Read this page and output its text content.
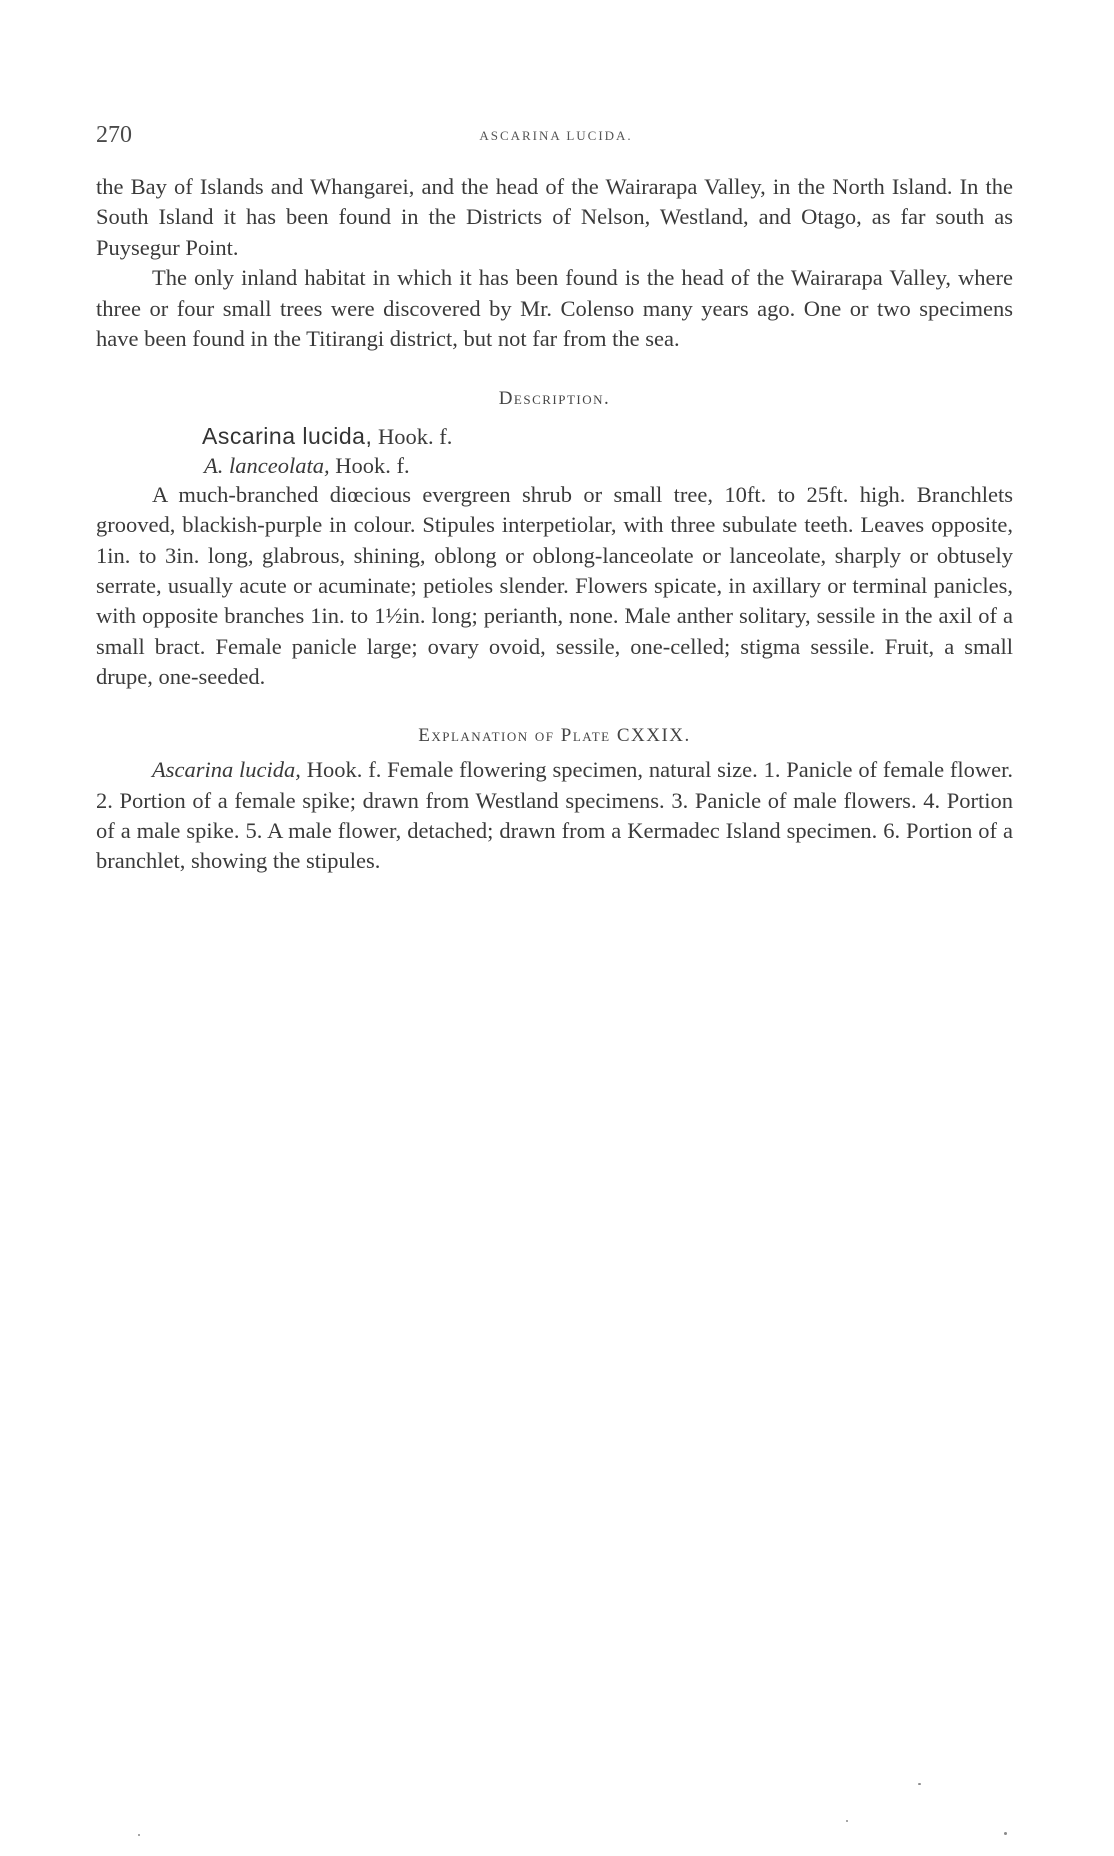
270	ASCARINA LUCIDA.

the Bay of Islands and Whangarei, and the head of the Wairarapa Valley, in the North Island. In the South Island it has been found in the Districts of Nelson, Westland, and Otago, as far south as Puysegur Point.

The only inland habitat in which it has been found is the head of the Wairarapa Valley, where three or four small trees were discovered by Mr. Colenso many years ago. One or two specimens have been found in the Titirangi district, but not far from the sea.

Description.

Ascarina lucida, Hook. f.

A. lanceolata, Hook. f.

A much-branched diœcious evergreen shrub or small tree, 10ft. to 25ft. high. Branchlets grooved, blackish-purple in colour. Stipules interpetiolar, with three subulate teeth. Leaves opposite, 1in. to 3in. long, glabrous, shining, oblong or oblong-lanceolate or lanceolate, sharply or obtusely serrate, usually acute or acuminate; petioles slender. Flowers spicate, in axillary or terminal panicles, with opposite branches 1in. to 1½in. long; perianth, none. Male anther solitary, sessile in the axil of a small bract. Female panicle large; ovary ovoid, sessile, one-celled; stigma sessile. Fruit, a small drupe, one-seeded.

Explanation of Plate CXXIX.

Ascarina lucida, Hook. f. Female flowering specimen, natural size. 1. Panicle of female flower. 2. Portion of a female spike; drawn from Westland specimens. 3. Panicle of male flowers. 4. Portion of a male spike. 5. A male flower, detached; drawn from a Kermadec Island specimen. 6. Portion of a branchlet, showing the stipules.
